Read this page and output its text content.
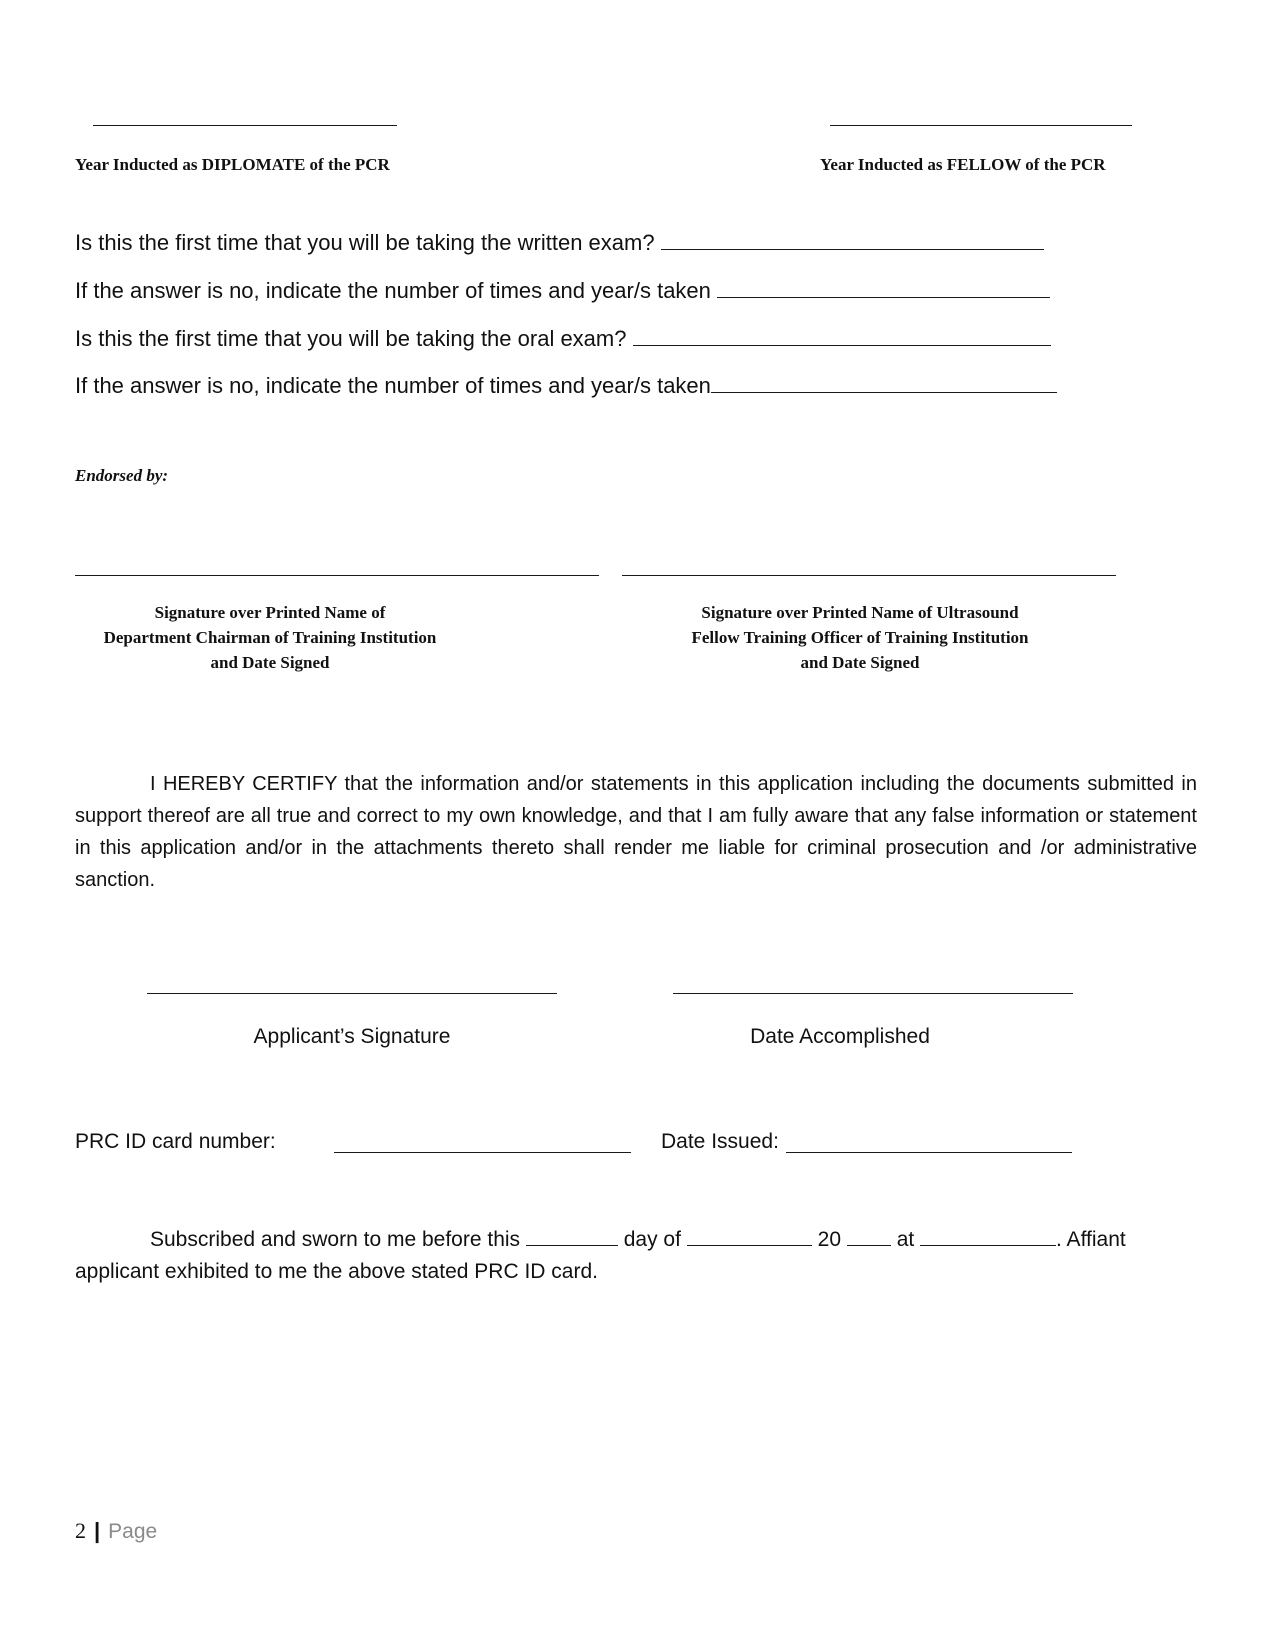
Year Inducted as DIPLOMATE of the PCR	Year Inducted as FELLOW of the PCR
Is this the first time that you will be taking the written exam?
If the answer is no, indicate the number of times and year/s taken
Is this the first time that you will be taking the oral exam?
If the answer is no, indicate the number of times and year/s taken
Endorsed by:
Signature over Printed Name of
Department Chairman of Training Institution
and Date Signed
Signature over Printed Name of Ultrasound
Fellow Training Officer of Training Institution
and Date Signed
I HEREBY CERTIFY that the information and/or statements in this application including the documents submitted in support thereof are all true and correct to my own knowledge, and that I am fully aware that any false information or statement in this application and/or in the attachments thereto shall render me liable for criminal prosecution and /or administrative sanction.
Applicant’s Signature	Date Accomplished
PRC ID card number:	Date Issued:
Subscribed and sworn to me before this	day of	20	at	. Affiant
applicant exhibited to me the above stated PRC ID card.
2 | Page
